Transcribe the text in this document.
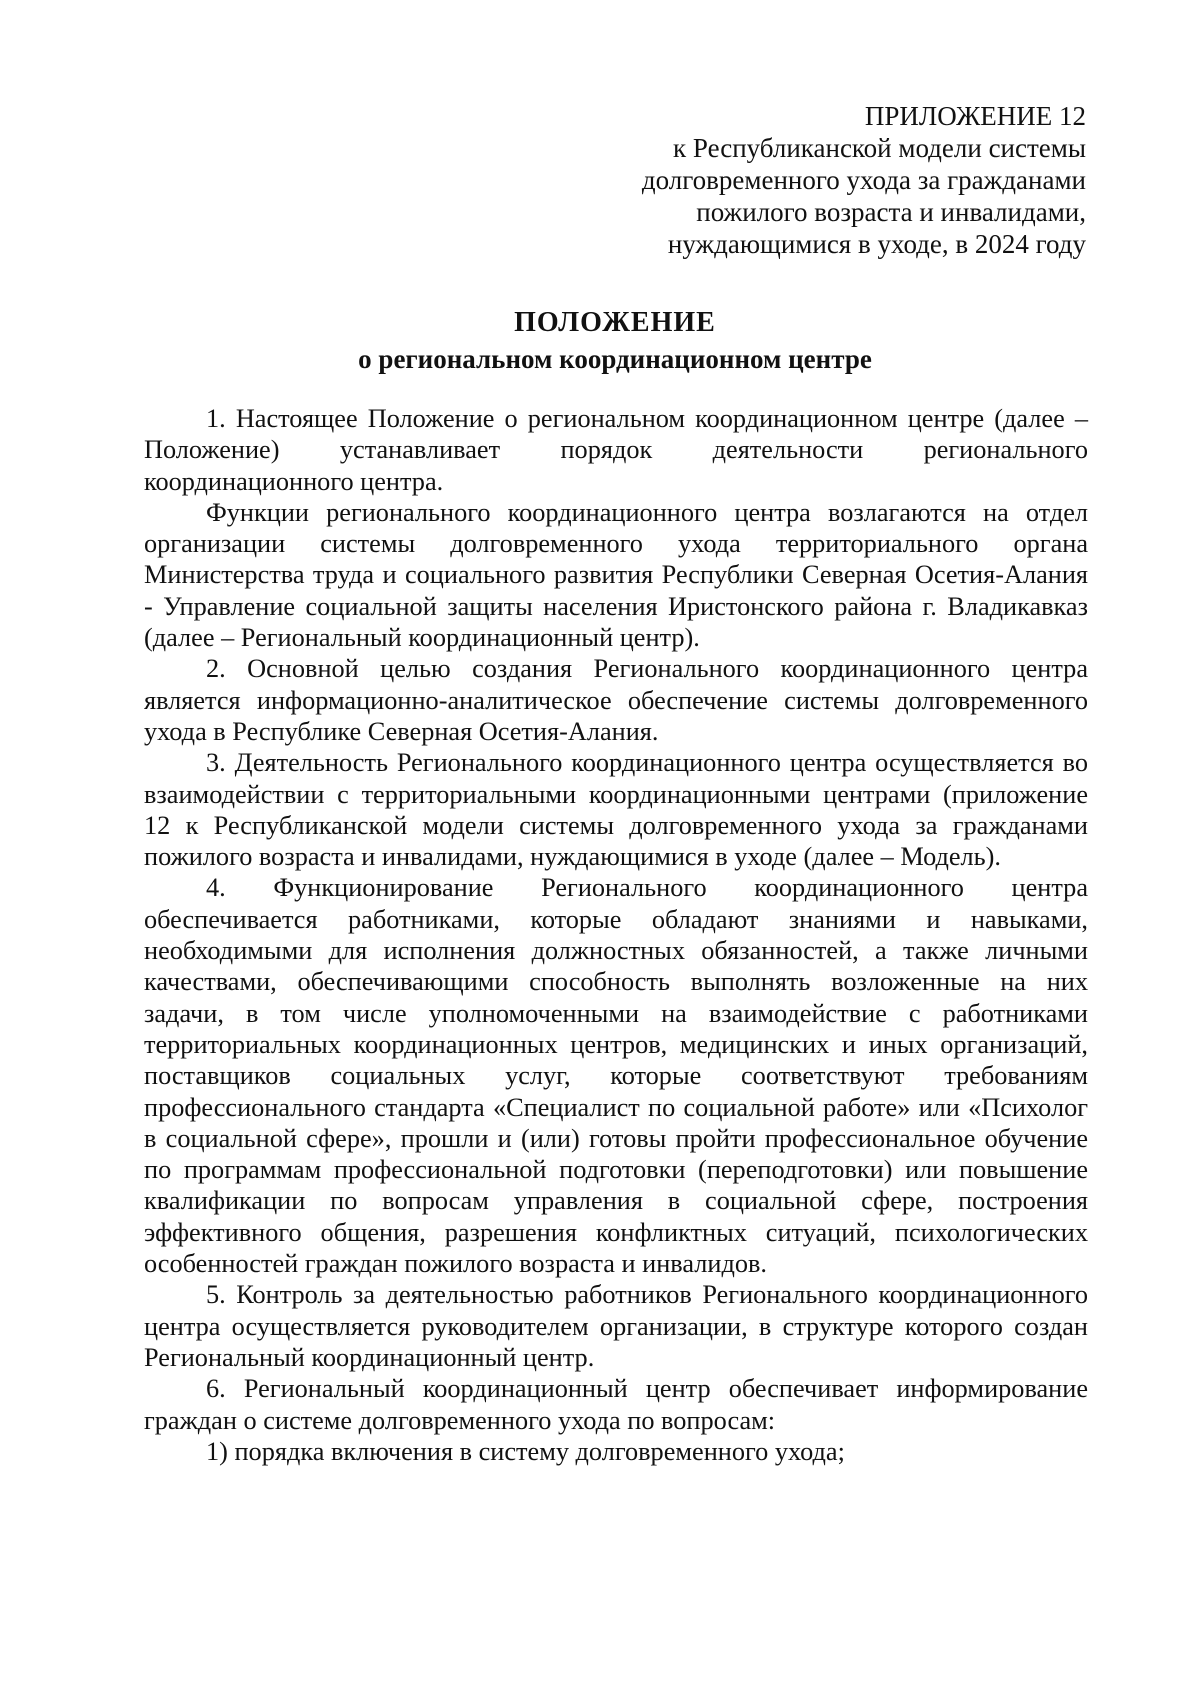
ПРИЛОЖЕНИЕ 12
к Республиканской модели системы
долговременного ухода за гражданами
пожилого возраста и инвалидами,
нуждающимися в уходе, в 2024 году
ПОЛОЖЕНИЕ
о региональном координационном центре

1. Настоящее Положение о региональном координационном центре (далее – Положение) устанавливает порядок деятельности регионального координационного центра.

Функции регионального координационного центра возлагаются на отдел организации системы долговременного ухода территориального органа Министерства труда и социального развития Республики Северная Осетия-Алания - Управление социальной защиты населения Иристонского района г. Владикавказ (далее – Региональный координационный центр).

2. Основной целью создания Регионального координационного центра является информационно-аналитическое обеспечение системы долговременного ухода в Республике Северная Осетия-Алания.

3. Деятельность Регионального координационного центра осуществляется во взаимодействии с территориальными координационными центрами (приложение 12 к Республиканской модели системы долговременного ухода за гражданами пожилого возраста и инвалидами, нуждающимися в уходе (далее – Модель).

4. Функционирование Регионального координационного центра обеспечивается работниками, которые обладают знаниями и навыками, необходимыми для исполнения должностных обязанностей, а также личными качествами, обеспечивающими способность выполнять возложенные на них задачи, в том числе уполномоченными на взаимодействие с работниками территориальных координационных центров, медицинских и иных организаций, поставщиков социальных услуг, которые соответствуют требованиям профессионального стандарта «Специалист по социальной работе» или «Психолог в социальной сфере», прошли и (или) готовы пройти профессиональное обучение по программам профессиональной подготовки (переподготовки) или повышение квалификации по вопросам управления в социальной сфере, построения эффективного общения, разрешения конфликтных ситуаций, психологических особенностей граждан пожилого возраста и инвалидов.

5. Контроль за деятельностью работников Регионального координационного центра осуществляется руководителем организации, в структуре которого создан Региональный координационный центр.

6. Региональный координационный центр обеспечивает информирование граждан о системе долговременного ухода по вопросам:

1) порядка включения в систему долговременного ухода;
